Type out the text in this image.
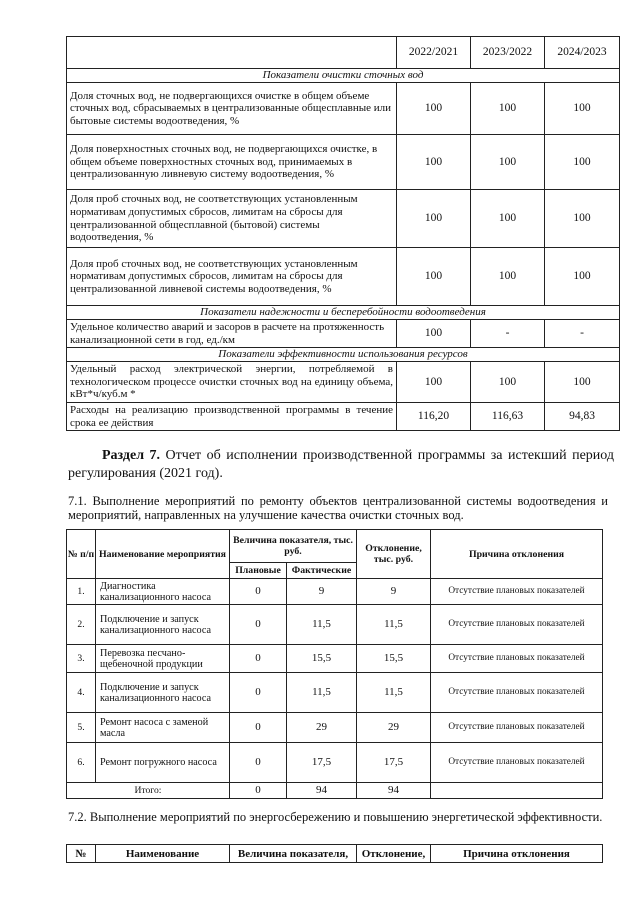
	2022/2021	2023/2022	2024/2023
Показатели очистки сточных вод			
Доля сточных вод, не подвергающихся очистке в общем объеме сточных вод, сбрасываемых в централизованные общесплавные или бытовые системы водоотведения, %	100	100	100
Доля поверхностных сточных вод, не подвергающихся очистке, в общем объеме поверхностных сточных вод, принимаемых в централизованную ливневую систему водоотведения, %	100	100	100
Доля проб сточных вод, не соответствующих установленным нормативам допустимых сбросов, лимитам на сбросы для централизованной общесплавной (бытовой) системы водоотведения, %	100	100	100
Доля проб сточных вод, не соответствующих установленным нормативам допустимых сбросов, лимитам на сбросы для централизованной ливневой системы водоотведения, %	100	100	100
Показатели надежности и бесперебойности водоотведения			
Удельное количество аварий и засоров в расчете на протяженность канализационной сети в год, ед./км	100	-	-
Показатели эффективности использования ресурсов			
Удельный расход электрической энергии, потребляемой в технологическом процессе очистки сточных вод на единицу объема, кВт*ч/куб.м *	100	100	100
Расходы на реализацию производственной программы в течение срока ее действия	116,20	116,63	94,83

Раздел 7. Отчет об исполнении производственной программы за истекший период регулирования (2021 год).

7.1. Выполнение мероприятий по ремонту объектов централизованной системы водоотведения и мероприятий, направленных на улучшение качества очистки сточных вод.

№ п/п	Наименование мероприятия	Величина показателя, тыс. руб.		Отклонение, тыс. руб.	Причина отклонения
		Плановые	Фактические		
1.	Диагностика канализационного насоса	0	9	9	Отсутствие плановых показателей
2.	Подключение и запуск канализационного насоса	0	11,5	11,5	Отсутствие плановых показателей
3.	Перевозка песчано-щебеночной продукции	0	15,5	15,5	Отсутствие плановых показателей
4.	Подключение и запуск канализационного насоса	0	11,5	11,5	Отсутствие плановых показателей
5.	Ремонт насоса с заменой масла	0	29	29	Отсутствие плановых показателей
6.	Ремонт погружного насоса	0	17,5	17,5	Отсутствие плановых показателей
Итого:		0	94	94	

7.2. Выполнение мероприятий по энергосбережению и повышению энергетической эффективности.

№	Наименование	Величина показателя,	Отклонение,	Причина отклонения
